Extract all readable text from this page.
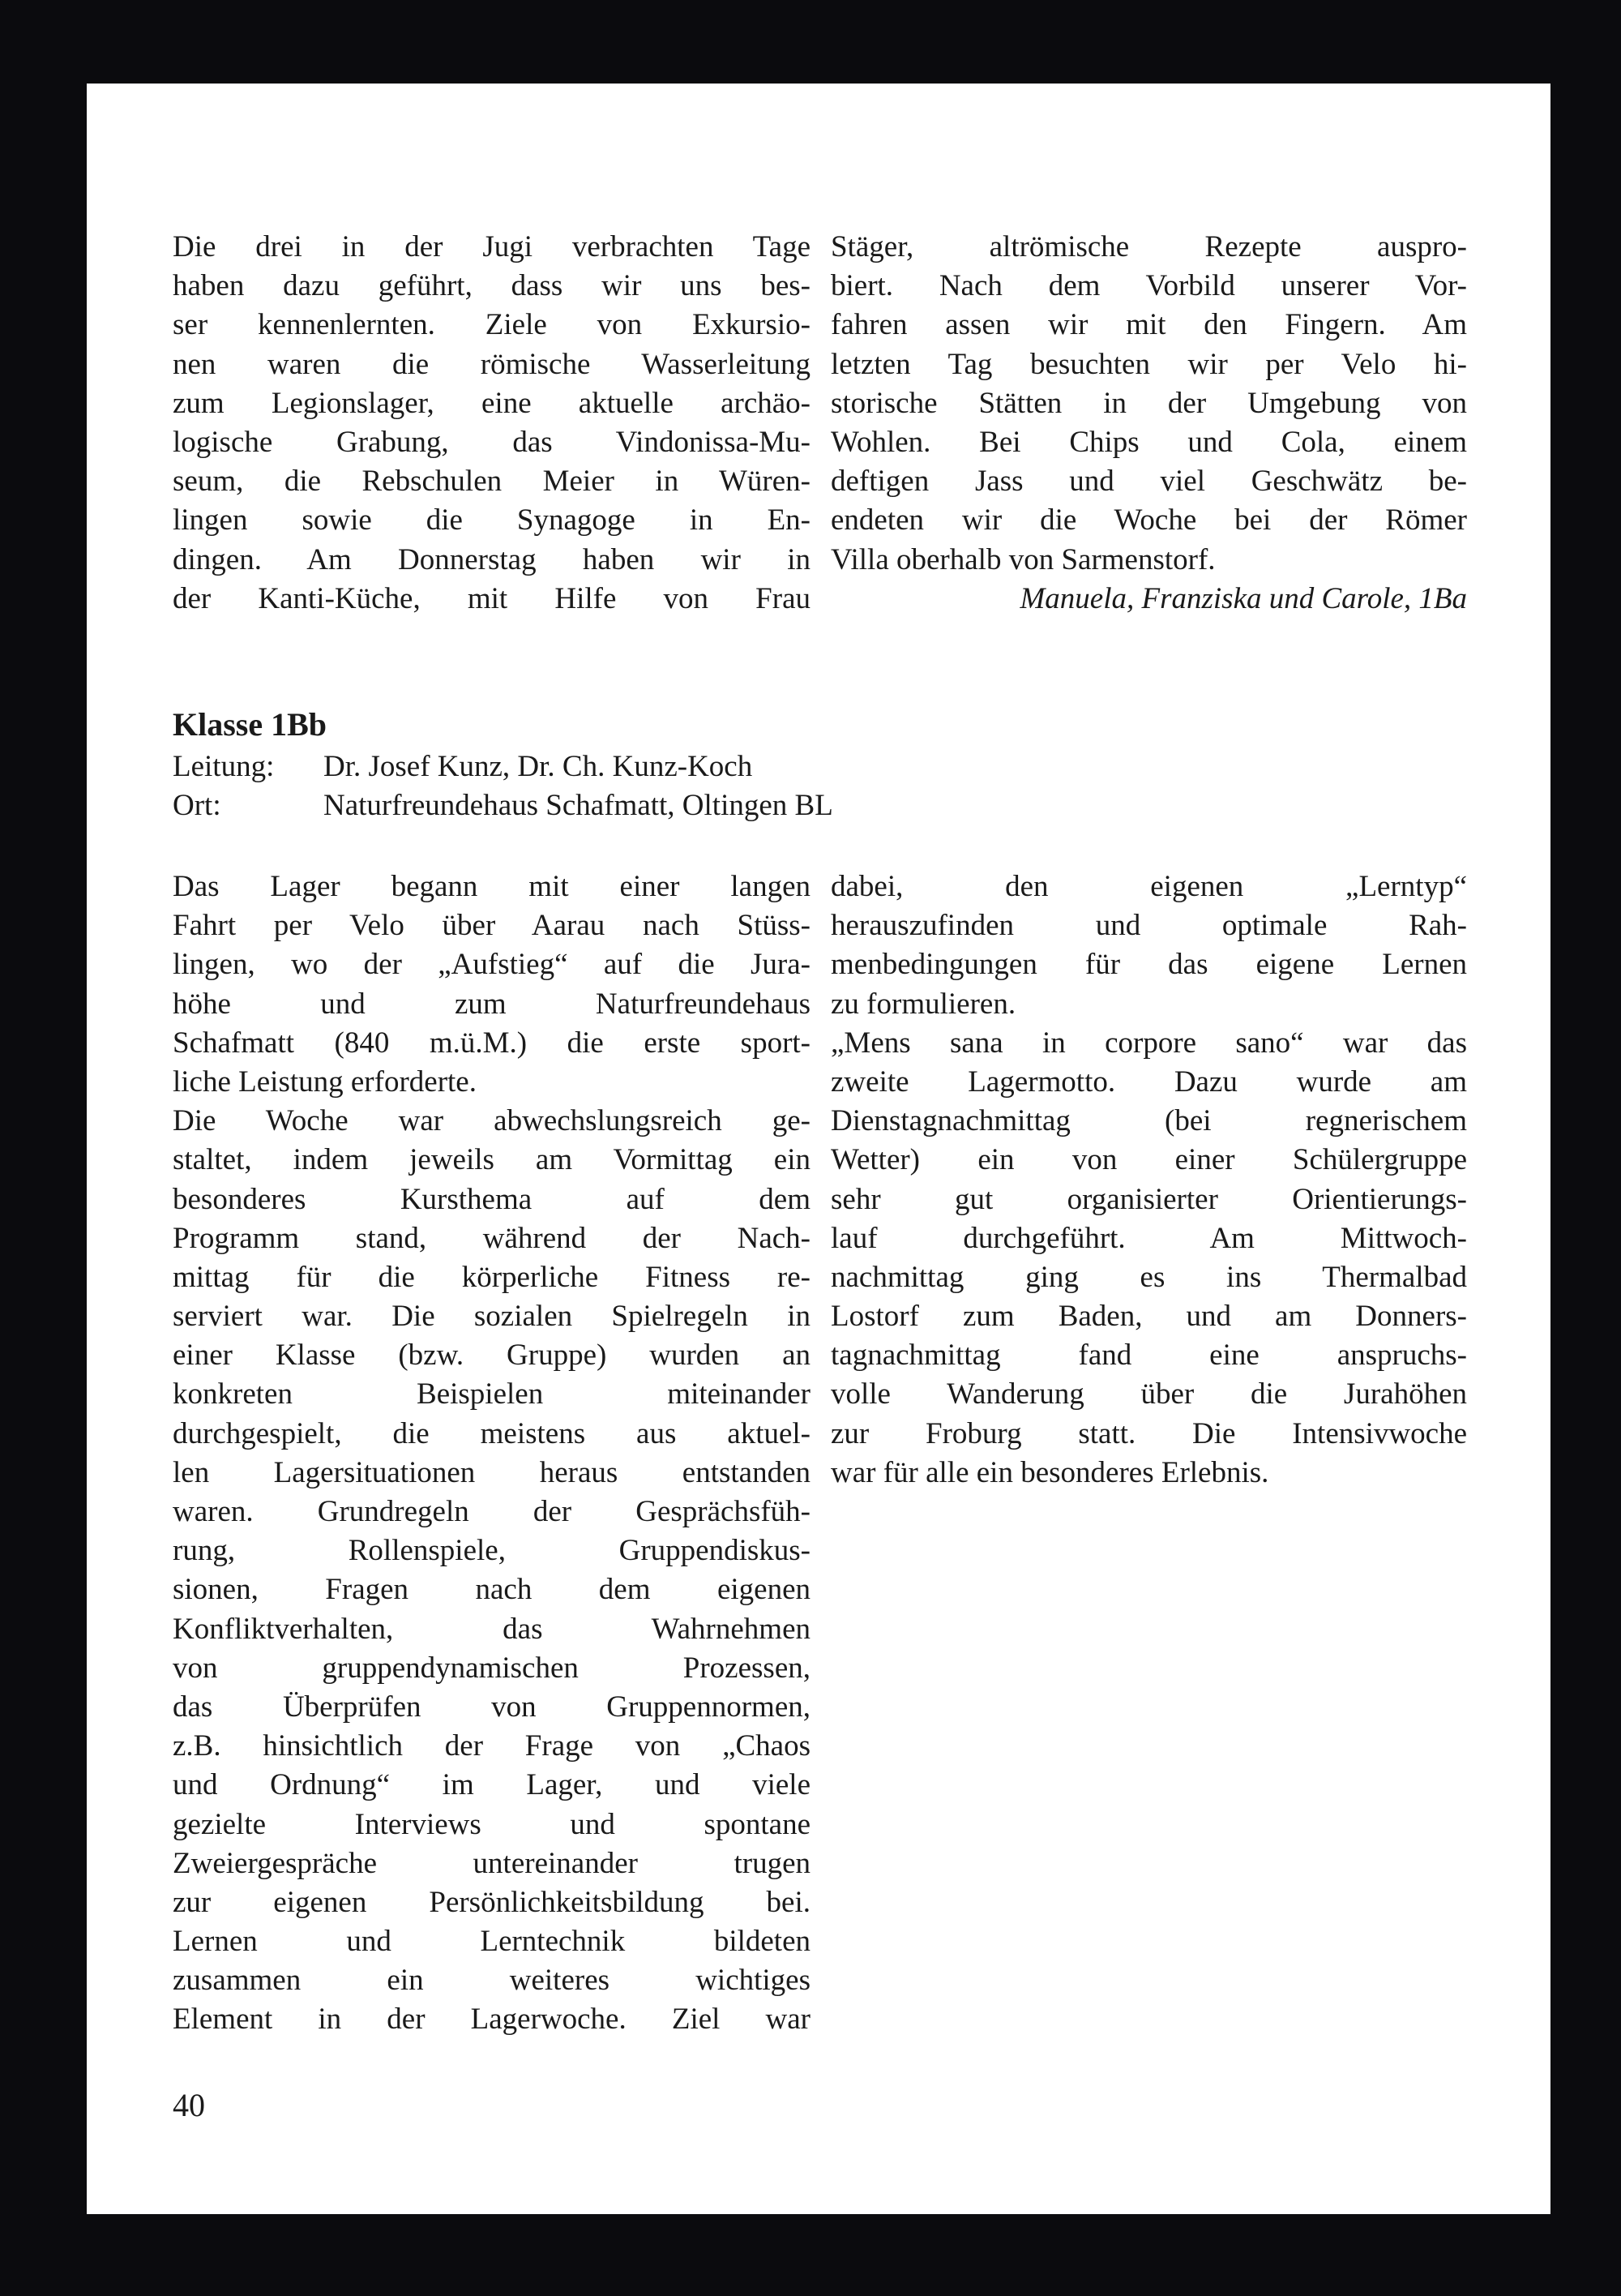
Die drei in der Jugi verbrachten Tage
haben dazu geführt, dass wir uns bes-
ser kennenlernten. Ziele von Exkursio-
nen waren die römische Wasserleitung
zum Legionslager, eine aktuelle archäo-
logische Grabung, das Vindonissa-Mu-
seum, die Rebschulen Meier in Würen-
lingen sowie die Synagoge in En-
dingen. Am Donnerstag haben wir in
der Kanti-Küche, mit Hilfe von Frau
Stäger, altrömische Rezepte auspro-
biert. Nach dem Vorbild unserer Vor-
fahren assen wir mit den Fingern. Am
letzten Tag besuchten wir per Velo hi-
storische Stätten in der Umgebung von
Wohlen. Bei Chips und Cola, einem
deftigen Jass und viel Geschwätz be-
endeten wir die Woche bei der Römer
Villa oberhalb von Sarmenstorf.
Manuela, Franziska und Carole, 1Ba
Klasse 1Bb
Leitung: Dr. Josef Kunz, Dr. Ch. Kunz-Koch
Ort:	Naturfreundehaus Schafmatt, Oltingen BL
Das Lager begann mit einer langen
Fahrt per Velo über Aarau nach Stüss-
lingen, wo der „Aufstieg“ auf die Jura-
höhe und zum Naturfreundehaus
Schafmatt (840 m.ü.M.) die erste sport-
liche Leistung erforderte.
Die Woche war abwechslungsreich ge-
staltet, indem jeweils am Vormittag ein
besonderes Kursthema auf dem
Programm stand, während der Nach-
mittag für die körperliche Fitness re-
serviert war. Die sozialen Spielregeln in
einer Klasse (bzw. Gruppe) wurden an
konkreten Beispielen miteinander
durchgespielt, die meistens aus aktuel-
len Lagersituationen heraus entstanden
waren. Grundregeln der Gesprächsfüh-
rung, Rollenspiele, Gruppendiskus-
sionen, Fragen nach dem eigenen
Konfliktverhalten, das Wahrnehmen
von gruppendynamischen Prozessen,
das Überprüfen von Gruppennormen,
z.B. hinsichtlich der Frage von „Chaos
und Ordnung“ im Lager, und viele
gezielte Interviews und spontane
Zweiergespräche untereinander trugen
zur eigenen Persönlichkeitsbildung bei.
Lernen und Lerntechnik bildeten
zusammen ein weiteres wichtiges
Element in der Lagerwoche. Ziel war
dabei, den eigenen „Lerntyp“
herauszufinden und optimale Rah-
menbedingungen für das eigene Lernen
zu formulieren.
„Mens sana in corpore sano“ war das
zweite Lagermotto. Dazu wurde am
Dienstagnachmittag (bei regnerischem
Wetter) ein von einer Schülergruppe
sehr gut organisierter Orientierungs-
lauf durchgeführt. Am Mittwoch-
nachmittag ging es ins Thermalbad
Lostorf zum Baden, und am Donners-
tagnachmittag fand eine anspruchs-
volle Wanderung über die Jurahöhen
zur Froburg statt. Die Intensivwoche
war für alle ein besonderes Erlebnis.
40
